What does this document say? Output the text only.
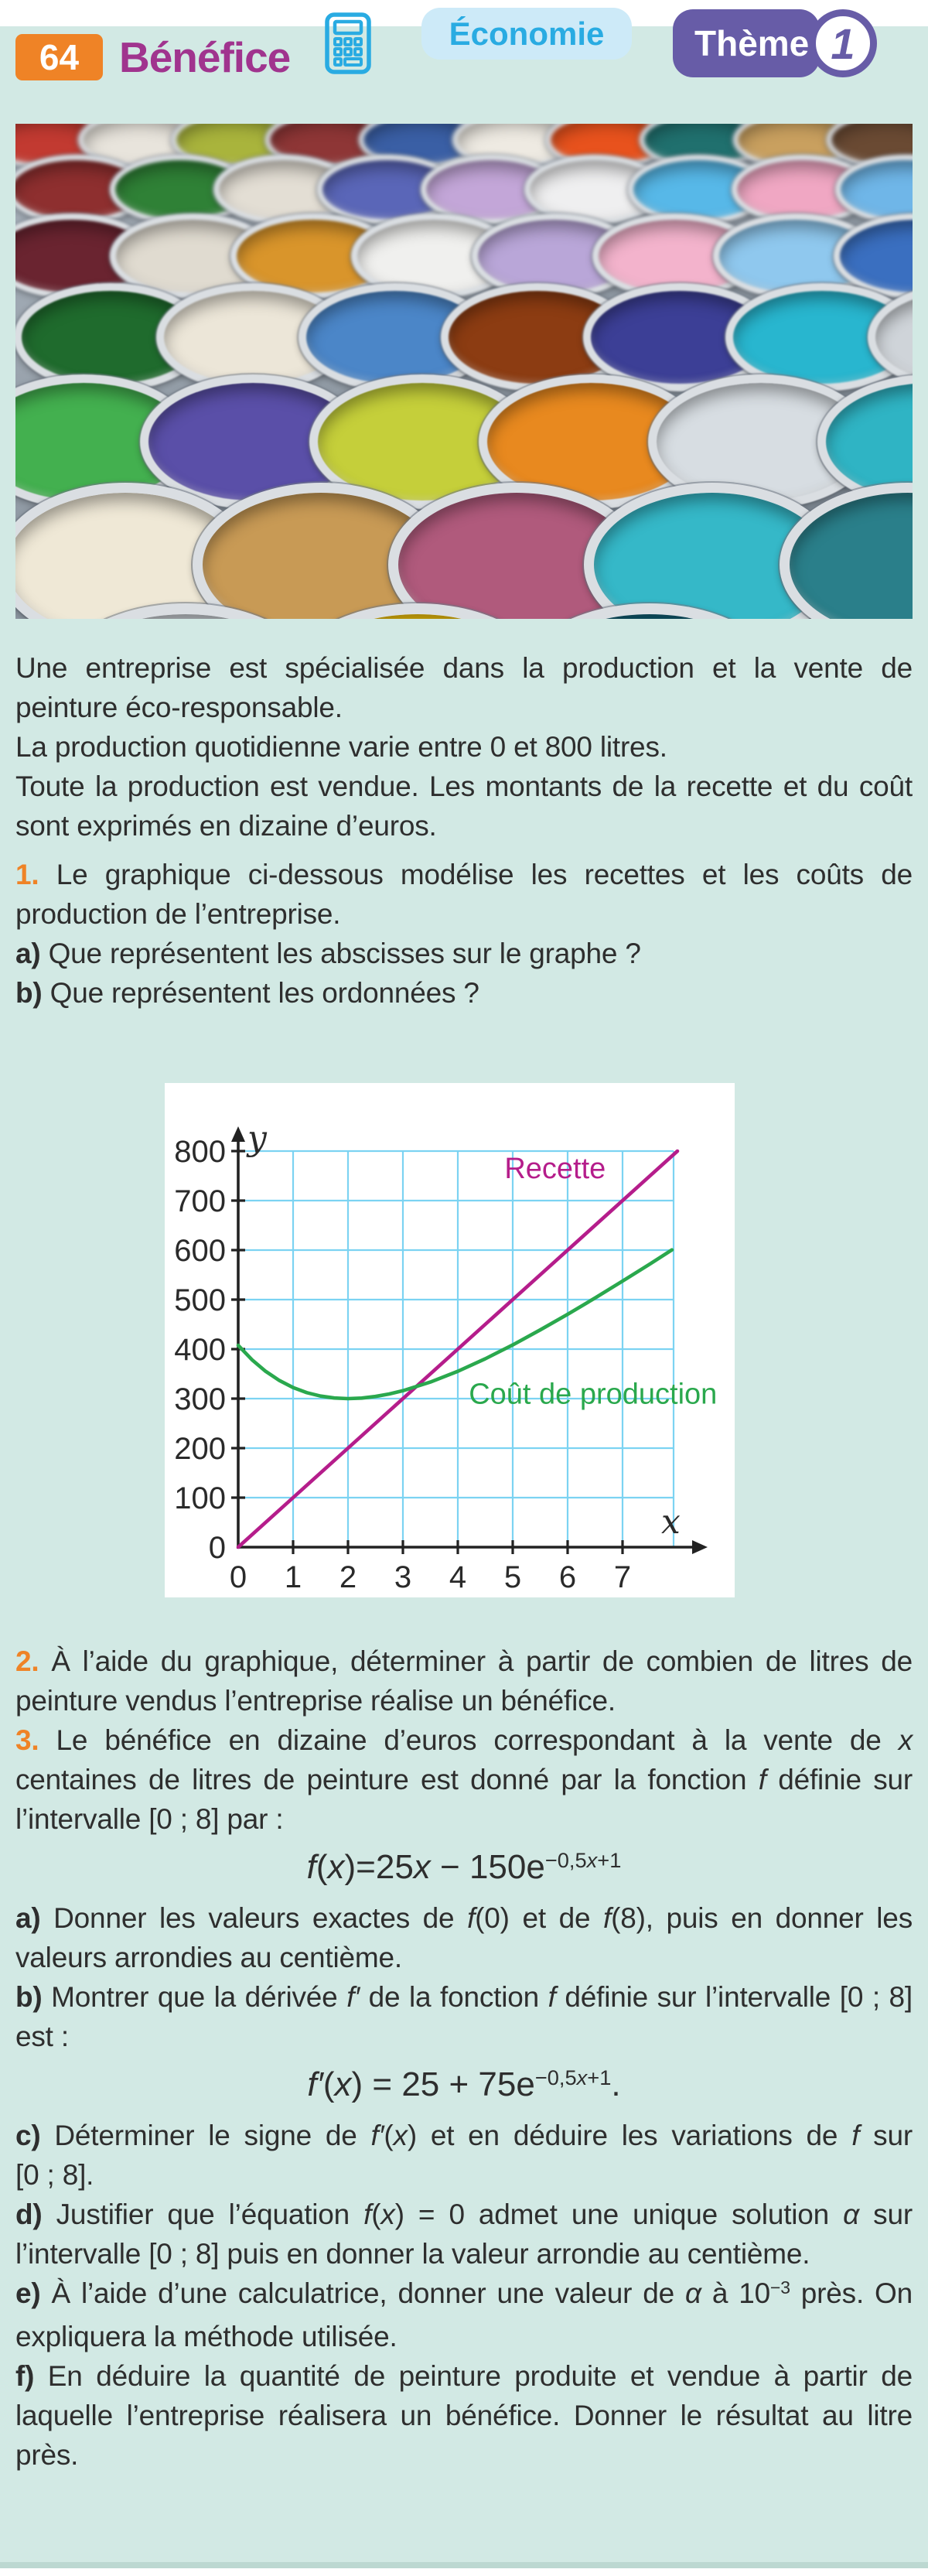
64 Bénéfice	Économie	Thème 1

Une entreprise est spécialisée dans la production et la vente de peinture éco-responsable.

La production quotidienne varie entre 0 et 800 litres.

Toute la production est vendue. Les montants de la recette et du coût sont exprimés en dizaine d’euros.

1. Le graphique ci-dessous modélise les recettes et les coûts de production de l’entreprise.

a) Que représentent les abscisses sur le graphe ?

b) Que représentent les ordonnées ?

0 1 2 3 4 5 6 7
0
100
200
300
400
500
600
700
800 y
x
Recette
Coût de production

2. À l’aide du graphique, déterminer à partir de combien de litres de peinture vendus l’entreprise réalise un bénéfice.

3. Le bénéfice en dizaine d’euros correspondant à la vente de x centaines de litres de peinture est donné par la fonction f définie sur l’intervalle [0 ; 8] par :

$f(x)=25x - 150e^{-0,5x+1}$

a) Donner les valeurs exactes de f(0) et de f(8), puis en donner les valeurs arrondies au centième.

b) Montrer que la dérivée f′ de la fonction f définie sur l’intervalle [0 ; 8] est :

$f'(x) = 25 + 75e^{-0,5x+1}$.

c) Déterminer le signe de f′(x) et en déduire les variations de f sur [0 ; 8].

d) Justifier que l’équation f(x) = 0 admet une unique solution α sur l’intervalle [0 ; 8] puis en donner la valeur arrondie au centième.

e) À l’aide d’une calculatrice, donner une valeur de α à $10^{-3}$ près. On expliquera la méthode utilisée.

f) En déduire la quantité de peinture produite et vendue à partir de laquelle l’entreprise réalisera un bénéfice. Donner le résultat au litre près.
